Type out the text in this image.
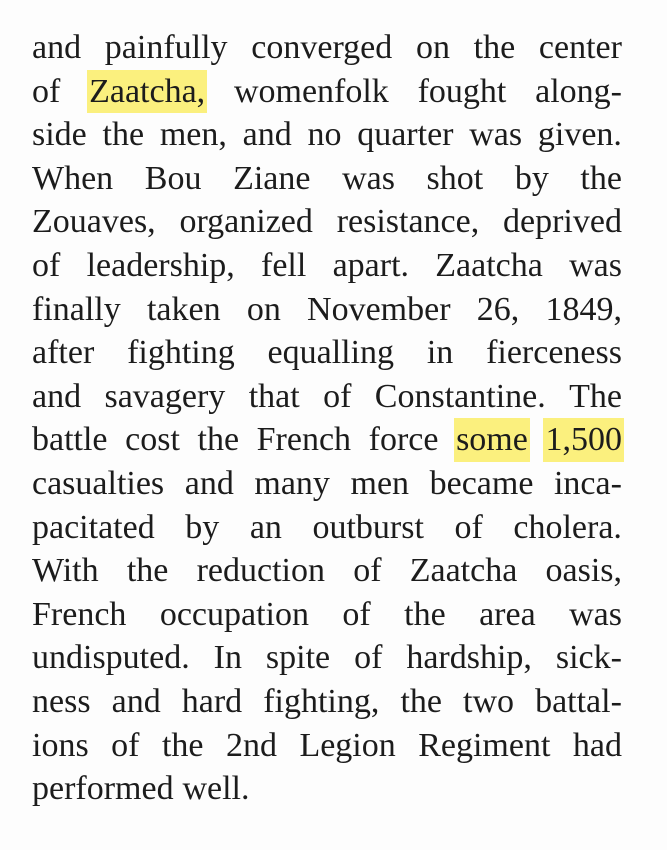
and painfully converged on the center
of Zaatcha, womenfolk fought along-
side the men, and no quarter was given.
When Bou Ziane was shot by the
Zouaves, organized resistance, deprived
of leadership, fell apart. Zaatcha was
finally taken on November 26, 1849,
after fighting equalling in fierceness
and savagery that of Constantine. The
battle cost the French force some 1,500
casualties and many men became inca-
pacitated by an outburst of cholera.
With the reduction of Zaatcha oasis,
French occupation of the area was
undisputed. In spite of hardship, sick-
ness and hard fighting, the two battal-
ions of the 2nd Legion Regiment had
performed well.
